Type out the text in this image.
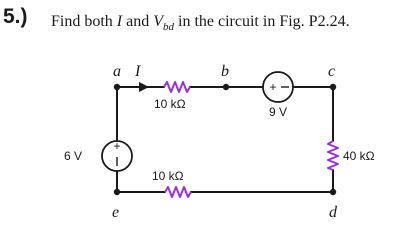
5.) Find both I and $V_{bd}$ in the circuit in Fig. P2.24.
+
+
a I	b	c
d
e
10 kΩ
10 kΩ
40 kΩ
6 V
9 V
